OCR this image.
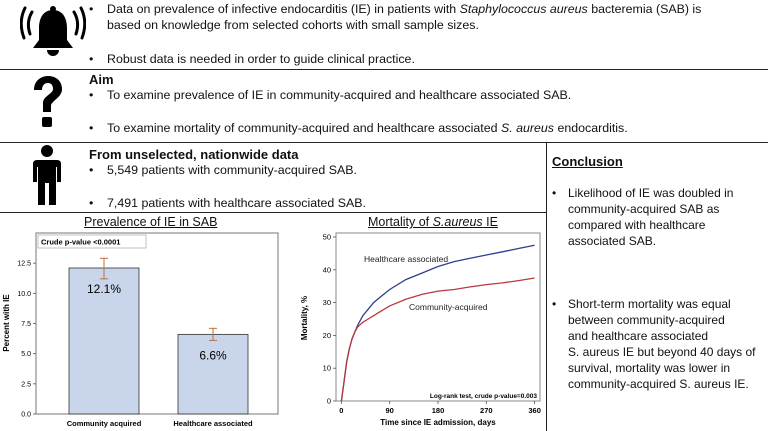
• Data on prevalence of infective endocarditis (IE) in patients with Staphylococcus aureus bacteremia (SAB) is
based on knowledge from selected cohorts with small sample sizes.
• Robust data is needed in order to guide clinical practice.
Aim
• To examine prevalence of IE in community-acquired and healthcare associated SAB.
• To examine mortality of community-acquired and healthcare associated S. aureus endocarditis.
From unselected, nationwide data
• 5,549 patients with community-acquired SAB.
• 7,491 patients with healthcare associated SAB.
Conclusion
• Likelihood of IE was doubled in
community-acquired SAB as
compared with healthcare
associated SAB.
• Short-term mortality was equal
between community-acquired
and healthcare associated
S. aureus IE but beyond 40 days of
survival, mortality was lower in
community-acquired S. aureus IE.
Prevalence of IE in SAB	Mortality of S.aureus IE
Crude p-value <0.0001
Percent with IE
0.0
2.5
5.0
7.5
10.0
12.5
12.1%
Community acquired
6.6%
Healthcare associated
Mortality, %
Time since IE admission, days
Log-rank test, crude p-value=0.003
0
10
20
30
40
50
0	90	180	270	360
Healthcare associated
Community-acquired
